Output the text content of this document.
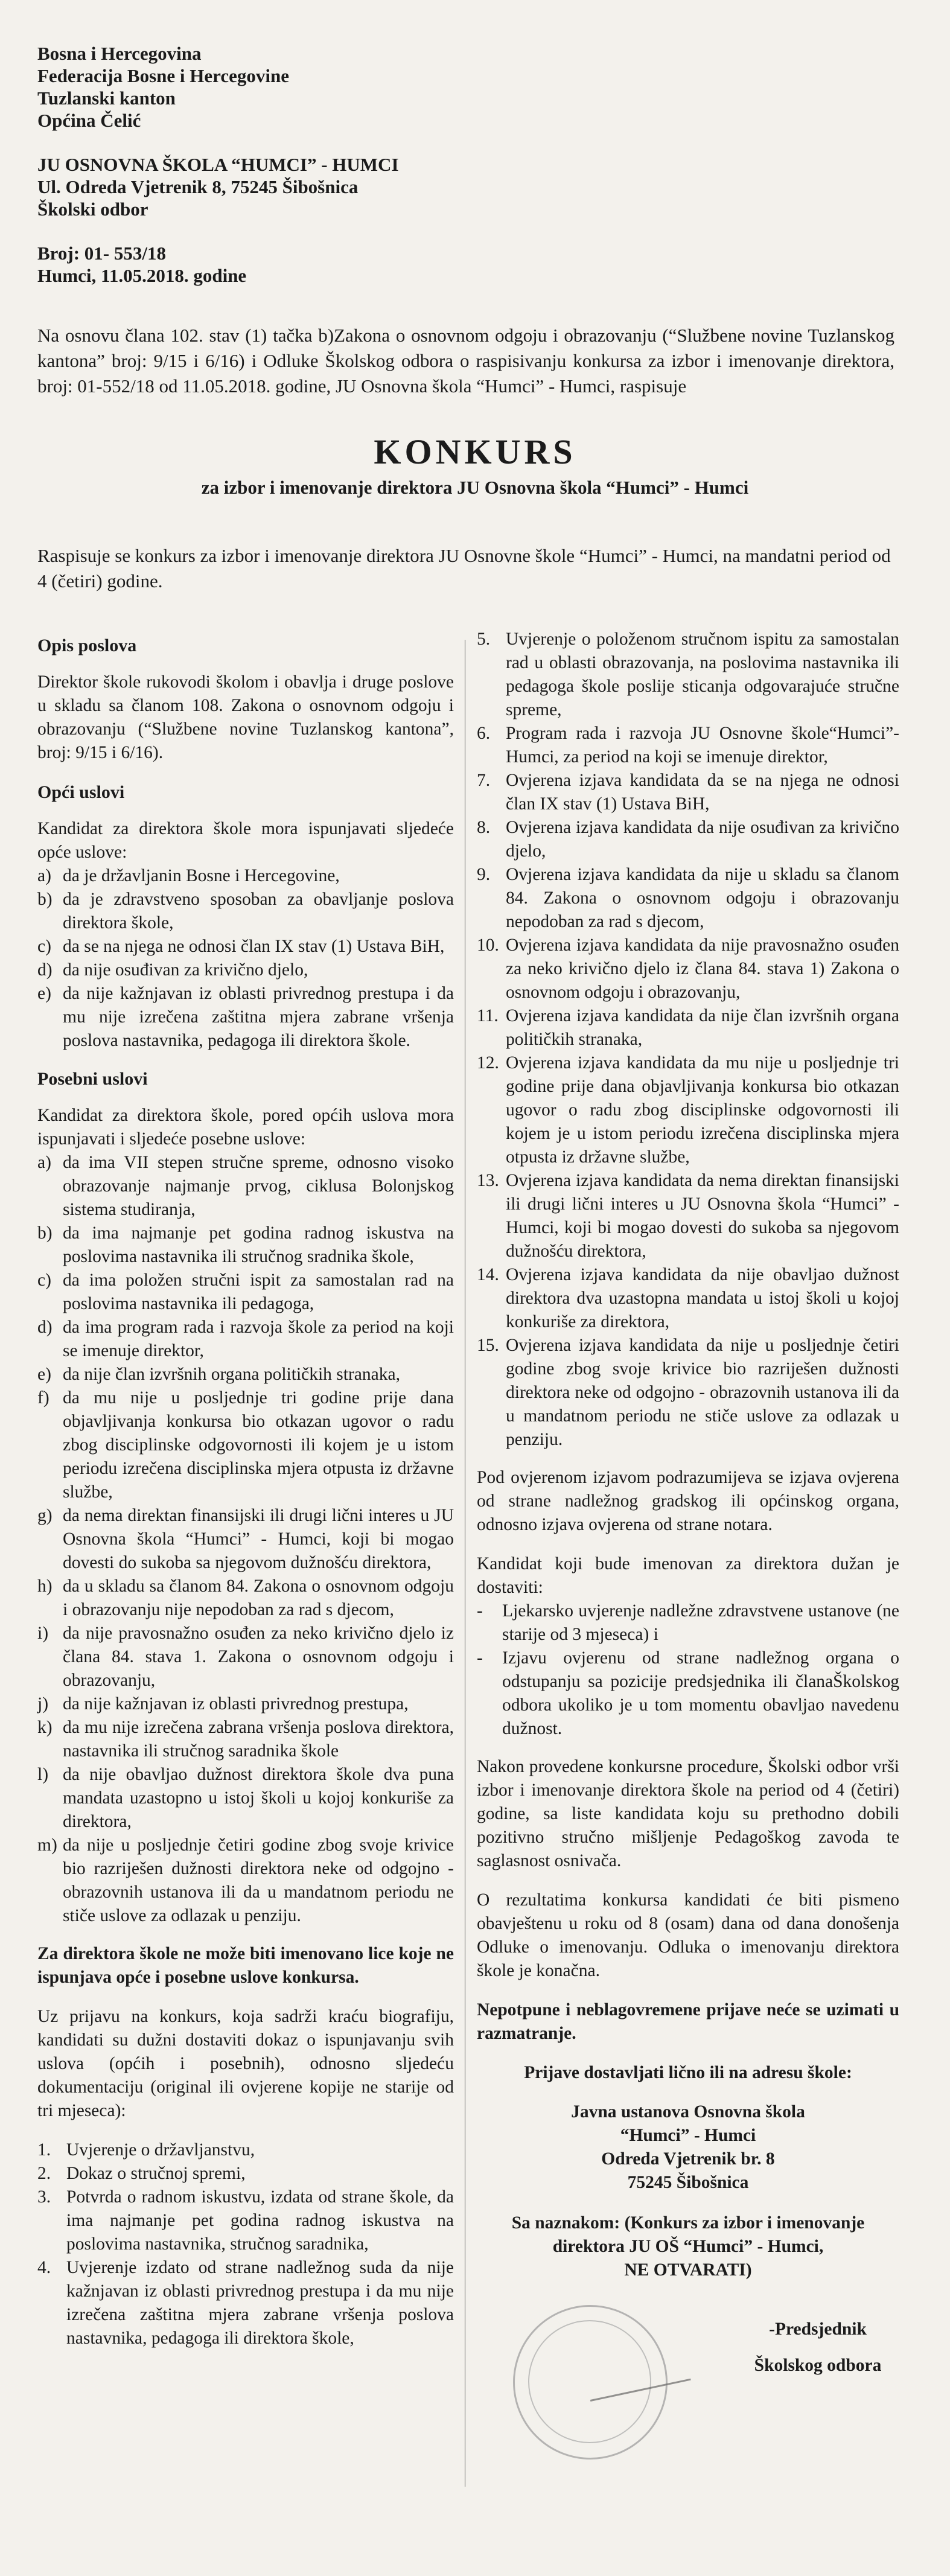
Bosna i Hercegovina
Federacija Bosne i Hercegovine
Tuzlanski kanton
Općina Čelić
JU OSNOVNA ŠKOLA “HUMCI” - HUMCI
Ul. Odreda Vjetrenik 8, 75245 Šibošnica
Školski odbor
Broj: 01- 553/18
Humci, 11.05.2018. godine
Na osnovu člana 102. stav (1) tačka b)Zakona o osnovnom odgoju i obrazovanju (“Službene novine Tuzlanskog kantona” broj: 9/15 i 6/16) i Odluke Školskog odbora o raspisivanju konkursa za izbor i imenovanje direktora, broj: 01-552/18 od 11.05.2018. godine, JU Osnovna škola “Humci” - Humci, raspisuje
KONKURS
za izbor i imenovanje direktora JU Osnovna škola “Humci” - Humci
Raspisuje se konkurs za izbor i imenovanje direktora JU Osnovne škole “Humci” - Humci, na mandatni period od 4 (četiri) godine.
Opis poslova

Direktor škole rukovodi školom i obavlja i druge poslove u skladu sa članom 108. Zakona o osnovnom odgoju i obrazovanju (“Službene novine Tuzlanskog kantona”, broj: 9/15 i 6/16).

Opći uslovi
Kandidat za direktora škole mora ispunjavati sljedeće opće uslove:
a) da je državljanin Bosne i Hercegovine,
b) da je zdravstveno sposoban za obavljanje poslova direktora škole,
c) da se na njega ne odnosi član IX stav (1) Ustava BiH,
d) da nije osuđivan za krivično djelo,
e) da nije kažnjavan iz oblasti privrednog prestupa i da mu nije izrečena zaštitna mjera zabrane vršenja poslova nastavnika, pedagoga ili direktora škole.
Posebni uslovi
Kandidat za direktora škole, pored općih uslova mora ispunjavati i sljedeće posebne uslove:
a) da ima VII stepen stručne spreme, odnosno visoko obrazovanje najmanje prvog, ciklusa Bolonjskog sistema studiranja,
b) da ima najmanje pet godina radnog iskustva na poslovima nastavnika ili stručnog sradnika škole,
c) da ima položen stručni ispit za samostalan rad na poslovima nastavnika ili pedagoga,
d) da ima program rada i razvoja škole za period na koji se imenuje direktor,
e) da nije član izvršnih organa političkih stranaka,
f) da mu nije u posljednje tri godine prije dana objavljivanja konkursa bio otkazan ugovor o radu zbog disciplinske odgovornosti ili kojem je u istom periodu izrečena disciplinska mjera otpusta iz državne službe,
g) da nema direktan finansijski ili drugi lični interes u JU Osnovna škola “Humci” - Humci, koji bi mogao dovesti do sukoba sa njegovom dužnošću direktora,
h) da u skladu sa članom 84. Zakona o osnovnom odgoju i obrazovanju nije nepodoban za rad s djecom,
i) da nije pravosnažno osuđen za neko krivično djelo iz člana 84. stava 1. Zakona o osnovnom odgoju i obrazovanju,
j) da nije kažnjavan iz oblasti privrednog prestupa,
k) da mu nije izrečena zabrana vršenja poslova direktora, nastavnika ili stručnog saradnika škole
l) da nije obavljao dužnost direktora škole dva puna mandata uzastopno u istoj školi u kojoj konkuriše za direktora,
m) da nije u posljednje četiri godine zbog svoje krivice bio razriješen dužnosti direktora neke od odgojno - obrazovnih ustanova ili da u mandatnom periodu ne stiče uslove za odlazak u penziju.

Za direktora škole ne može biti imenovano lice koje ne ispunjava opće i posebne uslove konkursa.

Uz prijavu na konkurs, koja sadrži kraću biografiju, kandidati su dužni dostaviti dokaz o ispunjavanju svih uslova (općih i posebnih), odnosno sljedeću dokumentaciju (original ili ovjerene kopije ne starije od tri mjeseca):

1. Uvjerenje o državljanstvu,
2. Dokaz o stručnoj spremi,
3. Potvrda o radnom iskustvu, izdata od strane škole, da ima najmanje pet godina radnog iskustva na poslovima nastavnika, stručnog saradnika,
4. Uvjerenje izdato od strane nadležnog suda da nije kažnjavan iz oblasti privrednog prestupa i da mu nije izrečena zaštitna mjera zabrane vršenja poslova nastavnika, pedagoga ili direktora škole,
5. Uvjerenje o položenom stručnom ispitu za samostalan rad u oblasti obrazovanja, na poslovima nastavnika ili pedagoga škole poslije sticanja odgovarajuće stručne spreme,
6. Program rada i razvoja JU Osnovne škole“Humci”- Humci, za period na koji se imenuje direktor,
7. Ovjerena izjava kandidata da se na njega ne odnosi član IX stav (1) Ustava BiH,
8. Ovjerena izjava kandidata da nije osuđivan za krivično djelo,
9. Ovjerena izjava kandidata da nije u skladu sa članom 84. Zakona o osnovnom odgoju i obrazovanju nepodoban za rad s djecom,
10. Ovjerena izjava kandidata da nije pravosnažno osuđen za neko krivično djelo iz člana 84. stava 1) Zakona o osnovnom odgoju i obrazovanju,
11. Ovjerena izjava kandidata da nije član izvršnih organa političkih stranaka,
12. Ovjerena izjava kandidata da mu nije u posljednje tri godine prije dana objavljivanja konkursa bio otkazan ugovor o radu zbog disciplinske odgovornosti ili kojem je u istom periodu izrečena disciplinska mjera otpusta iz državne službe,
13. Ovjerena izjava kandidata da nema direktan finansijski ili drugi lični interes u JU Osnovna škola “Humci” - Humci, koji bi mogao dovesti do sukoba sa njegovom dužnošću direktora,
14. Ovjerena izjava kandidata da nije obavljao dužnost direktora dva uzastopna mandata u istoj školi u kojoj konkuriše za direktora,
15. Ovjerena izjava kandidata da nije u posljednje četiri godine zbog svoje krivice bio razriješen dužnosti direktora neke od odgojno - obrazovnih ustanova ili da u mandatnom periodu ne stiče uslove za odlazak u penziju.

Pod ovjerenom izjavom podrazumijeva se izjava ovjerena od strane nadležnog gradskog ili općinskog organa, odnosno izjava ovjerena od strane notara.

Kandidat koji bude imenovan za direktora dužan je dostaviti:
- Ljekarsko uvjerenje nadležne zdravstvene ustanove (ne starije od 3 mjeseca) i
- Izjavu ovjerenu od strane nadležnog organa o odstupanju sa pozicije predsjednika ili članaŠkolskog odbora ukoliko je u tom momentu obavljao navedenu dužnost.

Nakon provedene konkursne procedure, Školski odbor vrši izbor i imenovanje direktora škole na period od 4 (četiri) godine, sa liste kandidata koju su prethodno dobili pozitivno stručno mišljenje Pedagoškog zavoda te saglasnost osnivača.

O rezultatima konkursa kandidati će biti pismeno obavještenu u roku od 8 (osam) dana od dana donošenja Odluke o imenovanju. Odluka o imenovanju direktora škole je konačna.

Nepotpune i neblagovremene prijave neće se uzimati u razmatranje.

Prijave dostavljati lično ili na adresu škole:

Javna ustanova Osnovna škola
“Humci” - Humci
Odreda Vjetrenik br. 8
75245 Šibošnica
Sa naznakom: (Konkurs za izbor i imenovanje
direktora JU OŠ “Humci” - Humci,
NE OTVARATI)
-Predsjednik
Školskog odbora
